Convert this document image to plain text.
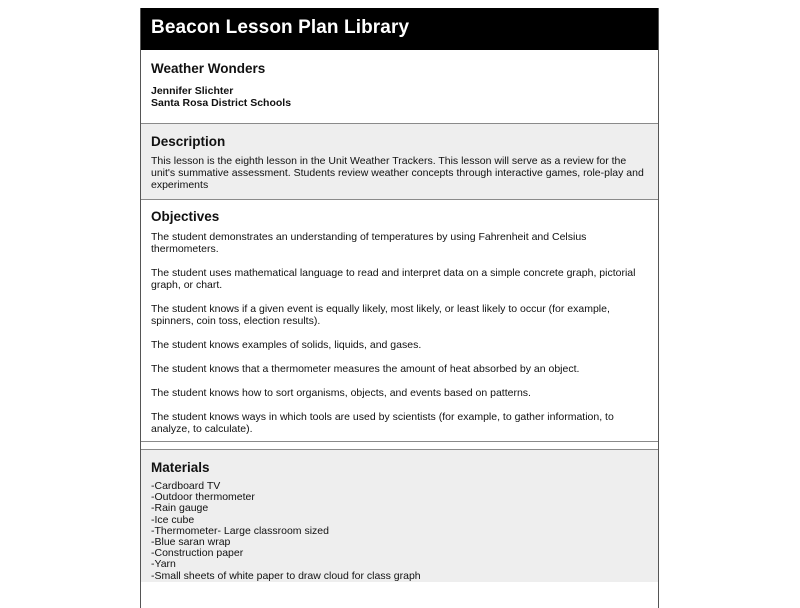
Beacon Lesson Plan Library
Weather Wonders
Jennifer Slichter
Santa Rosa District Schools
Description

This lesson is the eighth lesson in the Unit Weather Trackers. This lesson will serve as a review for the unit's summative assessment. Students review weather concepts through interactive games, role-play and experiments

Objectives

The student demonstrates an understanding of temperatures by using Fahrenheit and Celsius thermometers.

The student uses mathematical language to read and interpret data on a simple concrete graph, pictorial graph, or chart.

The student knows if a given event is equally likely, most likely, or least likely to occur (for example, spinners, coin toss, election results).

The student knows examples of solids, liquids, and gases.

The student knows that a thermometer measures the amount of heat absorbed by an object.

The student knows how to sort organisms, objects, and events based on patterns.

The student knows ways in which tools are used by scientists (for example, to gather information, to analyze, to calculate).

Materials
-Cardboard TV
-Outdoor thermometer
-Rain gauge
-Ice cube
-Thermometer- Large classroom sized
-Blue saran wrap
-Construction paper
-Yarn
-Small sheets of white paper to draw cloud for class graph
